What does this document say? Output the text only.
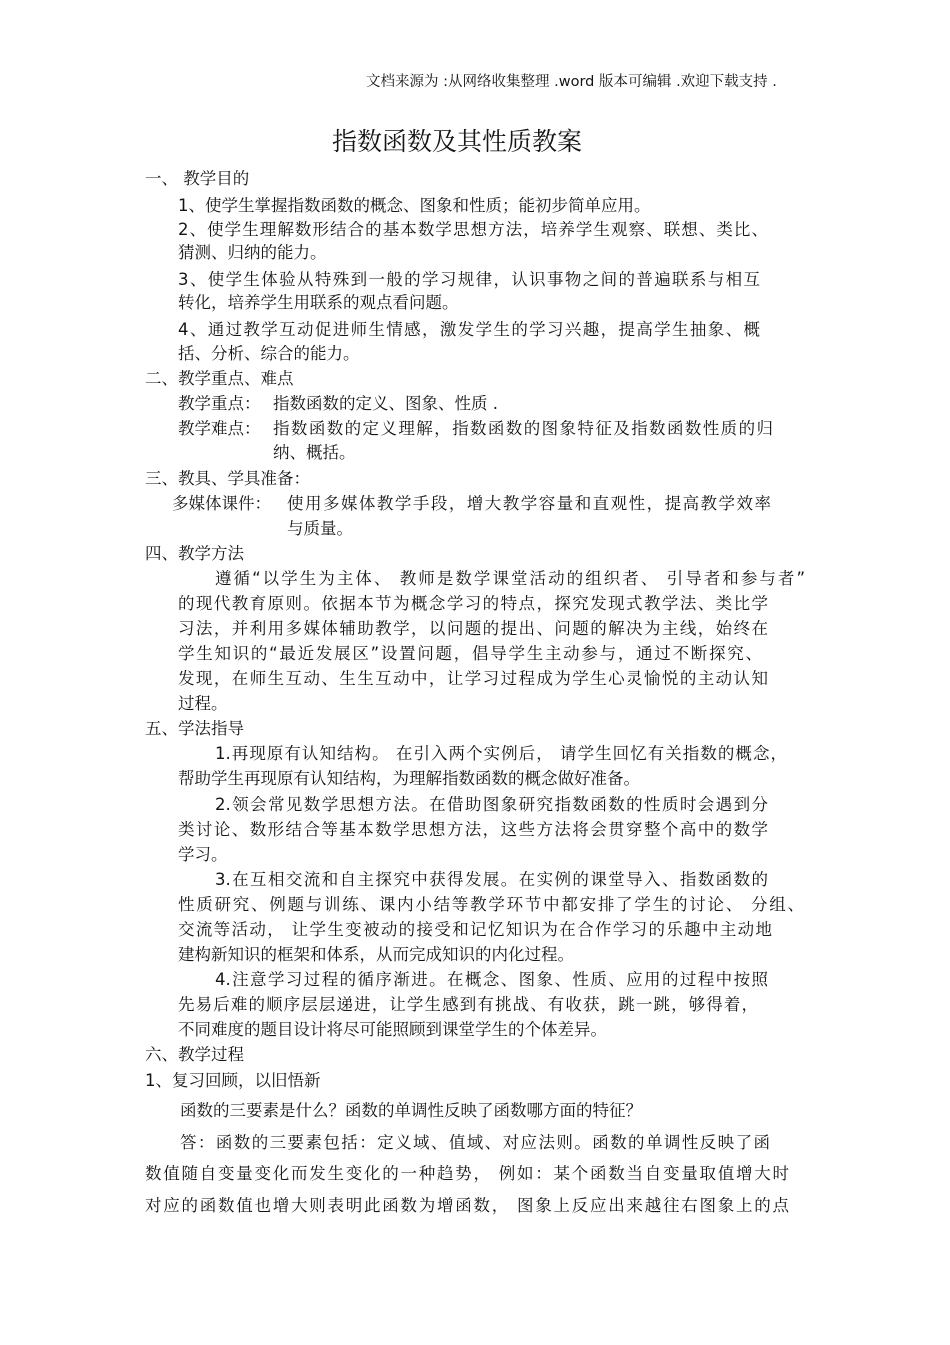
文档来源为 :从网络收集整理 .word 版本可编辑 .欢迎下载支持 .
指数函数及其性质教案
一、 教学目的
1、使学生掌握指数函数的概念、图象和性质；能初步简单应用。
2、使学生理解数形结合的基本数学思想方法，培养学生观察、联想、类比、
猜测、归纳的能力。
3、使学生体验从特殊到一般的学习规律，认识事物之间的普遍联系与相互
转化，培养学生用联系的观点看问题。
4、通过教学互动促进师生情感，激发学生的学习兴趣，提高学生抽象、概
括、分析、综合的能力。
二、教学重点、难点
教学重点： 指数函数的定义、图象、性质 .
教学难点： 指数函数的定义理解，指数函数的图象特征及指数函数性质的归
纳、概括。
三、教具、学具准备：
多媒体课件： 使用多媒体教学手段，增大教学容量和直观性，提高教学效率
与质量。
四、教学方法
遵循“以学生为主体、 教师是数学课堂活动的组织者、 引导者和参与者”
的现代教育原则。依据本节为概念学习的特点，探究发现式教学法、类比学
习法，并利用多媒体辅助教学，以问题的提出、问题的解决为主线，始终在
学生知识的“最近发展区”设置问题，倡导学生主动参与，通过不断探究、
发现，在师生互动、生生互动中，让学习过程成为学生心灵愉悦的主动认知
过程。
五、学法指导
1.再现原有认知结构。 在引入两个实例后， 请学生回忆有关指数的概念，
帮助学生再现原有认知结构，为理解指数函数的概念做好准备。
2.领会常见数学思想方法。在借助图象研究指数函数的性质时会遇到分
类讨论、数形结合等基本数学思想方法，这些方法将会贯穿整个高中的数学
学习。
3.在互相交流和自主探究中获得发展。在实例的课堂导入、指数函数的
性质研究、例题与训练、课内小结等教学环节中都安排了学生的讨论、 分组、
交流等活动， 让学生变被动的接受和记忆知识为在合作学习的乐趣中主动地
建构新知识的框架和体系，从而完成知识的内化过程。
4.注意学习过程的循序渐进。在概念、图象、性质、应用的过程中按照
先易后难的顺序层层递进，让学生感到有挑战、有收获，跳一跳，够得着，
不同难度的题目设计将尽可能照顾到课堂学生的个体差异。
六、教学过程
1、复习回顾，以旧悟新
函数的三要素是什么？函数的单调性反映了函数哪方面的特征？
答：函数的三要素包括：定义域、值域、对应法则。函数的单调性反映了函
数值随自变量变化而发生变化的一种趋势， 例如：某个函数当自变量取值增大时
对应的函数值也增大则表明此函数为增函数， 图象上反应出来越往右图象上的点
